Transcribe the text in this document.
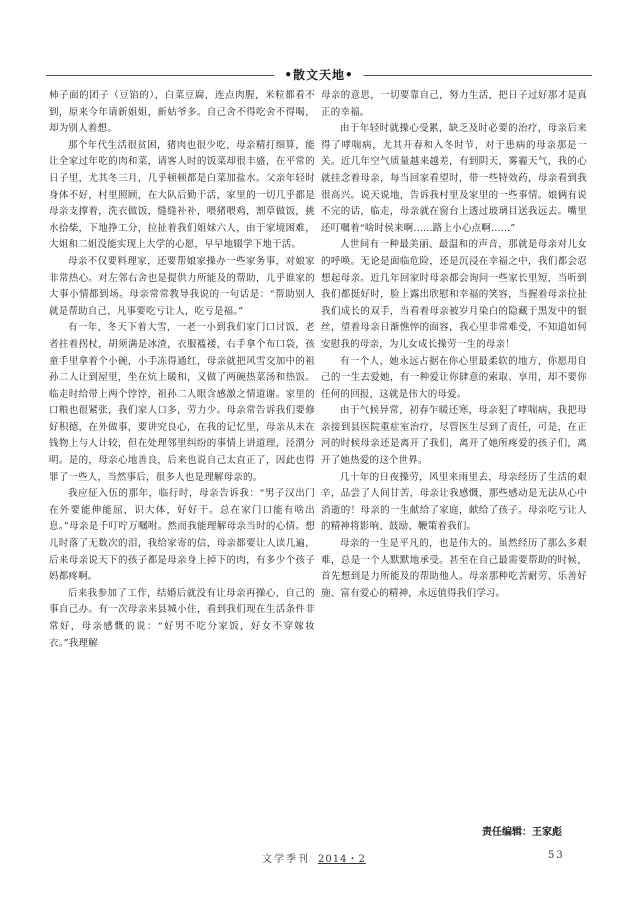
•散文天地•

柿子面的团子（豆馅的），白菜豆腐，连点肉腥，米粒都看不到，原来今年请新姐姐，新姑爷多。自己舍不得吃舍不得喝，却为别人着想。

那个年代生活很贫困，猪肉也很少吃，母亲精打细算，能让全家过年吃的肉和菜，请客人时的饭菜却很丰盛，在平常的日子里，尤其冬三月，几乎顿顿都是白菜加盐水。父亲年轻时身体不好，村里照顾，在大队后勤干活，家里的一切几乎都是母亲支撑着，洗衣做饭，缝缝补补，喂猪喂鸡，割草做饭，挑水拾柴，下地挣工分，拉扯着我们姐妹六人，由于家境困难，大姐和二姐没能实现上大学的心愿，早早地辍学下地干活。

母亲不仅要料理家，还要帮娘家操办一些家务事，对娘家非常热心。对左邻右舍也是提供力所能及的帮助，儿乎谁家的大事小情都到场。母亲常常教导我说的一句话是：“帮助别人就是帮助自己，凡事要吃亏让人，吃亏是福。”

有一年，冬天下着大雪，一老一小到我们家门口讨饭，老者拄着拐杖，胡须满是冰渣，衣服褴褛，右手拿个布口袋，孩童手里拿着个小碗，小手冻得通红，母亲就把风雪交加中的祖孙二人让到屋里，坐在炕上暖和，又做了两碗热菜汤和热饭。临走时给带上两个饽饽，祖孙二人眼含感激之情道谢。家里的口粮也很紧张，我们家人口多，劳力少。母亲常告诉我们要修好积德，在外做事，要讲究良心，在我的记忆里，母亲从未在钱物上与人计较，但在处理邻里纠纷的事情上讲道理，泾渭分明。是的，母亲心地善良，后来也说自己太直正了，因此也得罪了一些人，当然事后，很多人也是理解母亲的。

我应征入伍的那年，临行时，母亲告诉我：“男子汉出门在外要能伸能屈，识大体，好好干。总在家门口能有啥出息。”母亲是千叮咛万嘱咐。然而我能理解母亲当时的心情。想儿时落了无数次的泪，我给家寄的信，母亲都要让人读几遍，后来母亲说天下的孩子都是母亲身上掉下的肉，有多少个孩子妈都疼啊。

后来我参加了工作，结婚后就没有让母亲再操心，自己的事自己办。有一次母亲来县城小住，看到我们现在生活条件非常好，母亲感慨的说：“好男不吃分家饭，好女不穿嫁妆衣。”我理解

母亲的意思，一切要靠自己，努力生活，把日子过好那才是真正的幸福。

由于年轻时就操心受累，缺乏及时必要的治疗，母亲后来得了哮喘病，尤其开春和入冬时节，对于患病的母亲那是一关。近几年空气质量越来越差，有到阴天，雾霾天气，我的心就挂念着母亲，每当回家看望时，带一些特效药，母亲看到我很高兴。说天说地，告诉我村里及家里的一些事情。娘俩有说不完的话，临走，母亲就在窗台上透过玻璃目送我远去。嘴里还叮嘱着“啥时侯来啊……路上小心点啊……”

人世间有一种最美丽、最温和的声音，那就是母亲对儿女的呼唤。无论是面临危险，还是沉浸在幸福之中，我们都会忍想起母亲。近几年回家时母亲都会询问一些家长里短，当听到我们都挺好时，脸上露出欣慰和幸福的笑容，当握着母亲拉扯我们成长的双手，当看着母亲被岁月染白的隐藏于黑发中的银丝，望着母亲日渐憔悴的面容，我心里非常难受，不知道如何安慰我的母亲，为儿女成长操劳一生的母亲！

有一个人，她永远占据在你心里最柔软的地方，你愿用自己的一生去爱她，有一种爱让你肆意的索取、享用，却不要你任何的回报，这就是伟大的母爱。

由于气候异常，初春乍暖还寒，母亲犯了哮喘病，我把母亲接到县医院重症室治疗，尽管医生尽到了责任，可是，在正河的时候母亲还是离开了我们，离开了她所疼爱的孩子们，离开了她热爱的这个世界。

几十年的日夜操劳，风里来雨里去，母亲经历了生活的艰辛，品尝了人间甘苦，母亲让我感慨，那些感动是无法从心中消逝的！母亲的一生献给了家庭，献给了孩子。母亲吃亏让人的精神将影响、鼓励、鞭策着我们。

母亲的一生是平凡的，也是伟大的。虽然经历了那么多艰难，总是一个人默默地承受。甚至在自己最需要帮助的时候，首先想到是力所能及的帮助他人。母亲那种吃苦耐劳、乐善好施、富有爱心的精神，永远值得我们学习。

责任编辑：王家彪
文学季刊 2014・2	53
